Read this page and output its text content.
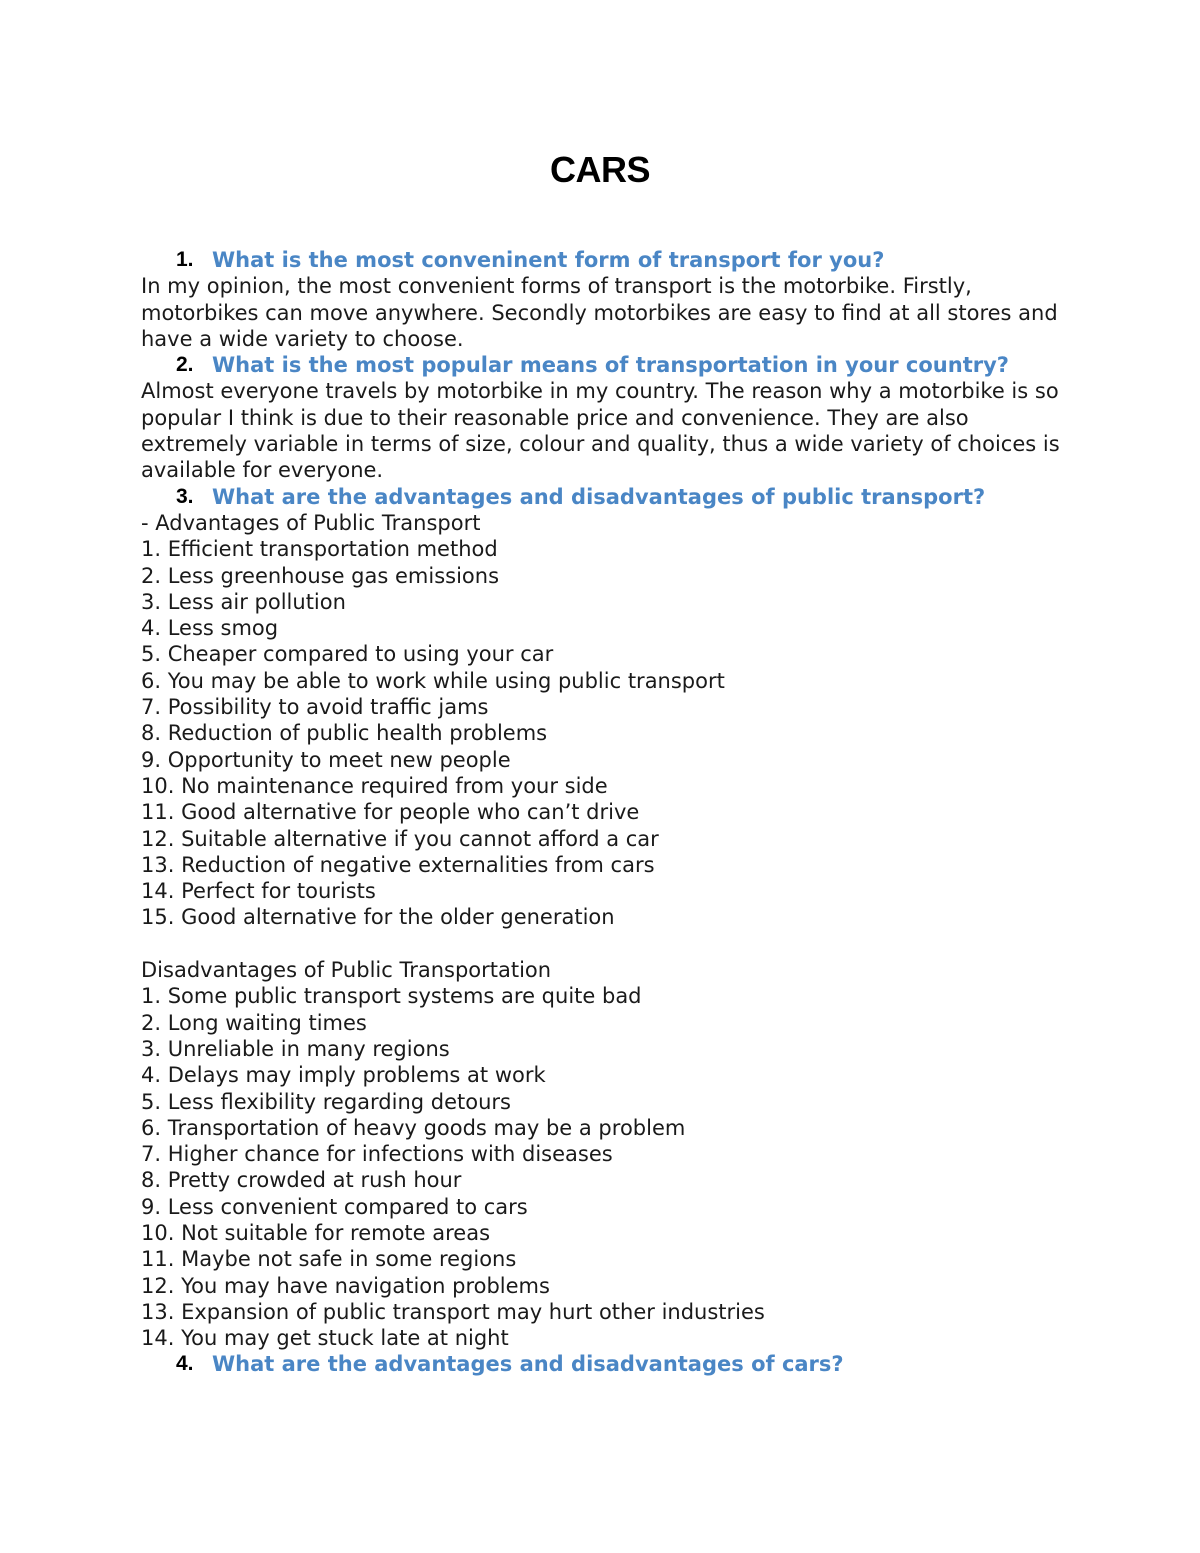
CARS
1. What is the most conveninent form of transport for you?

In my opinion, the most convenient forms of transport is the motorbike. Firstly, motorbikes can move anywhere. Secondly motorbikes are easy to find at all stores and have a wide variety to choose.

2. What is the most popular means of transportation in your country?

Almost everyone travels by motorbike in my country. The reason why a motorbike is so popular I think is due to their reasonable price and convenience. They are also extremely variable in terms of size, colour and quality, thus a wide variety of choices is available for everyone.

3. What are the advantages and disadvantages of public transport?
- Advantages of Public Transport
1. Efficient transportation method
2. Less greenhouse gas emissions
3. Less air pollution
4. Less smog
5. Cheaper compared to using your car
6. You may be able to work while using public transport
7. Possibility to avoid traffic jams
8. Reduction of public health problems
9. Opportunity to meet new people
10. No maintenance required from your side
11. Good alternative for people who can’t drive
12. Suitable alternative if you cannot afford a car
13. Reduction of negative externalities from cars
14. Perfect for tourists
15. Good alternative for the older generation
Disadvantages of Public Transportation
1. Some public transport systems are quite bad
2. Long waiting times
3. Unreliable in many regions
4. Delays may imply problems at work
5. Less flexibility regarding detours
6. Transportation of heavy goods may be a problem
7. Higher chance for infections with diseases
8. Pretty crowded at rush hour
9. Less convenient compared to cars
10. Not suitable for remote areas
11. Maybe not safe in some regions
12. You may have navigation problems
13. Expansion of public transport may hurt other industries
14. You may get stuck late at night
4. What are the advantages and disadvantages of cars?
